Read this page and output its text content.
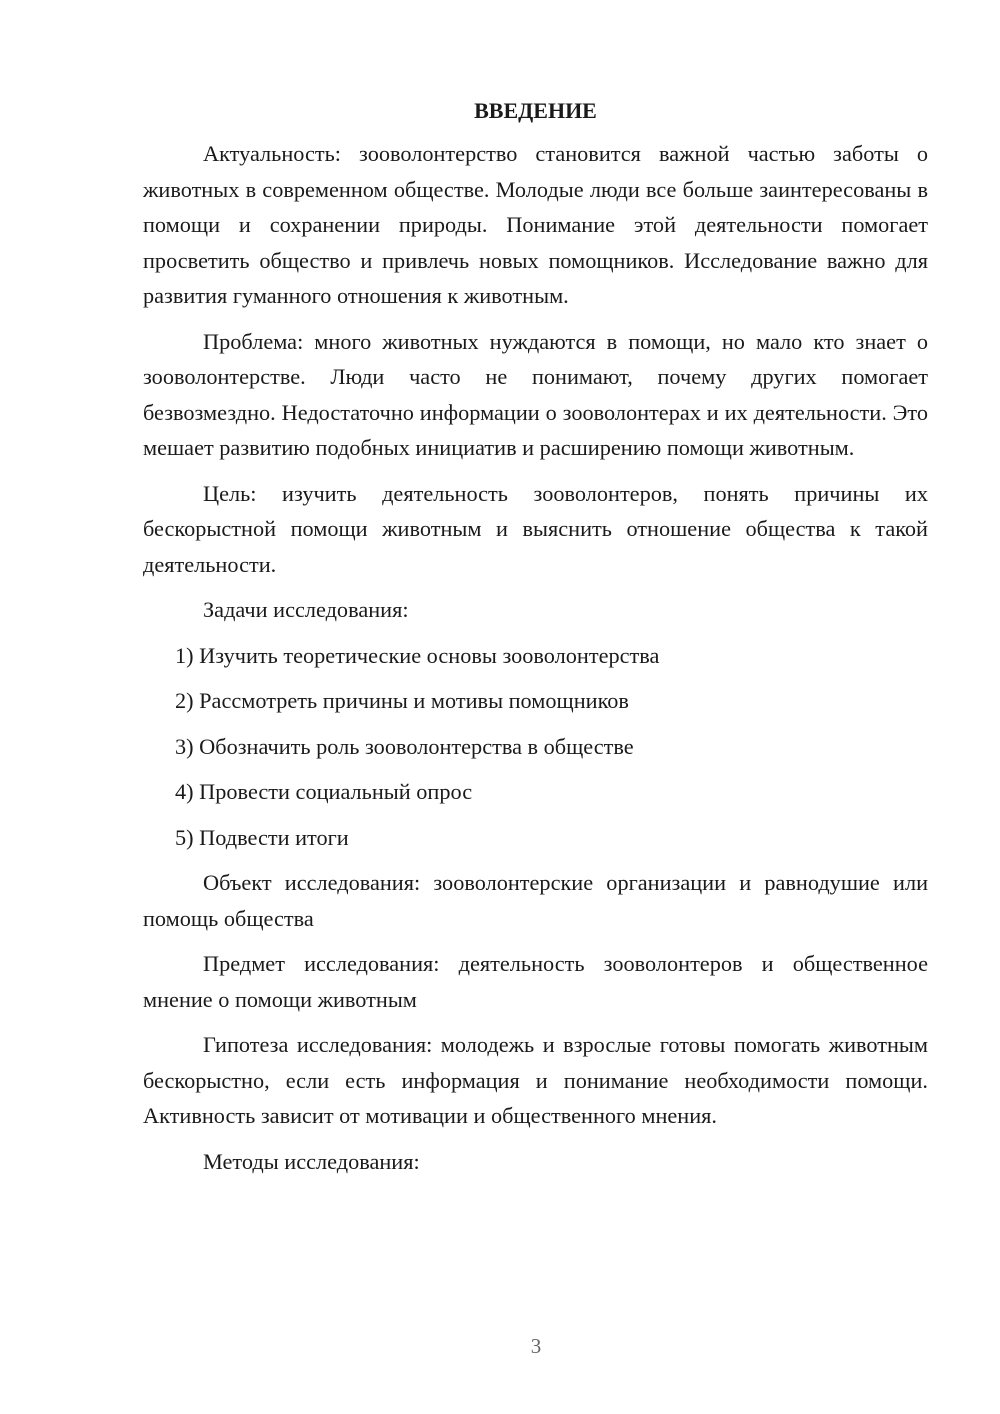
ВВЕДЕНИЕ

Актуальность: зооволонтерство становится важной частью заботы о животных в современном обществе. Молодые люди все больше заинтересованы в помощи и сохранении природы. Понимание этой деятельности помогает просветить общество и привлечь новых помощников. Исследование важно для развития гуманного отношения к животным.

Проблема: много животных нуждаются в помощи, но мало кто знает о зооволонтерстве. Люди часто не понимают, почему других помогает безвозмездно. Недостаточно информации о зооволонтерах и их деятельности. Это мешает развитию подобных инициатив и расширению помощи животным.

Цель: изучить деятельность зооволонтеров, понять причины их бескорыстной помощи животным и выяснить отношение общества к такой деятельности.

Задачи исследования:

1) Изучить теоретические основы зооволонтерства
2) Рассмотреть причины и мотивы помощников
3) Обозначить роль зооволонтерства в обществе
4) Провести социальный опрос
5) Подвести итоги

Объект исследования: зооволонтерские организации и равнодушие или помощь общества

Предмет исследования: деятельность зооволонтеров и общественное мнение о помощи животным

Гипотеза исследования: молодежь и взрослые готовы помогать животным бескорыстно, если есть информация и понимание необходимости помощи. Активность зависит от мотивации и общественного мнения.

Методы исследования:

3
